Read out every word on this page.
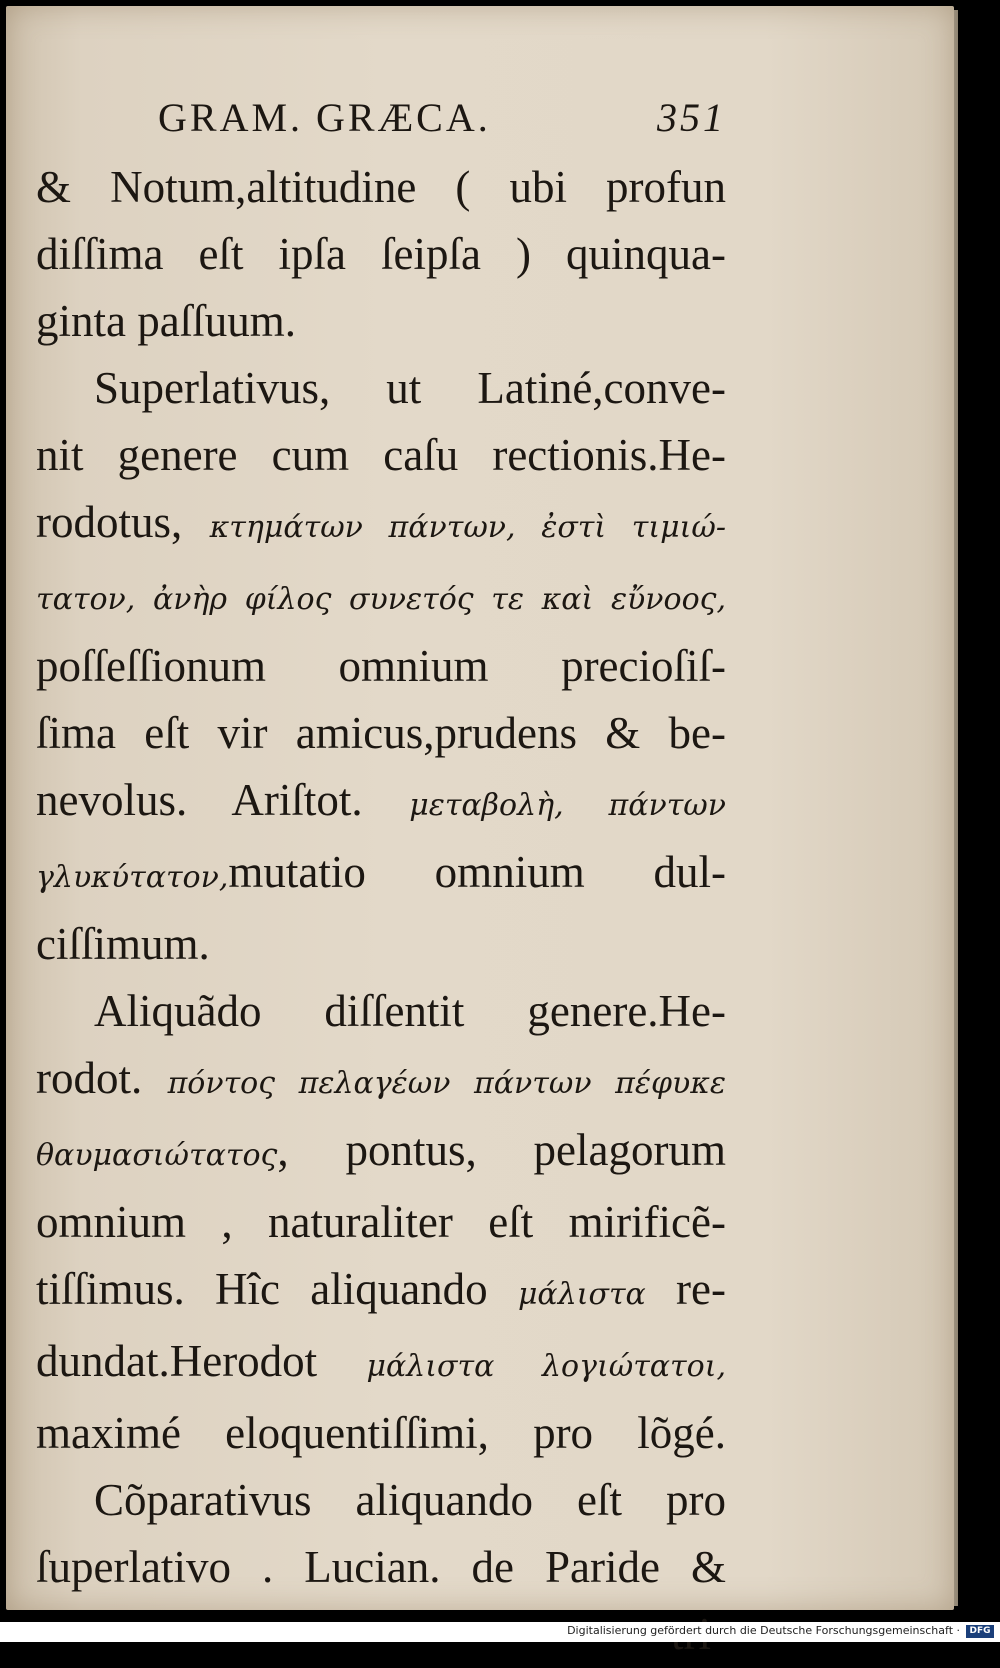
GRAM. GRÆCA.	351
& Notum,altitudine ( ubi profun
diſſima eſt ipſa ſeipſa ) quinqua-
ginta paſſuum.
Superlativus, ut Latiné,conve-
nit genere cum caſu rectionis.He-
rodotus, κτημάτων πάντων, ἐστὶ τιμιώ-
τατον, ἀνὴρ φίλος συνετός τε καὶ εὔνοος,
poſſeſſionum omnium precioſiſ-
ſima eſt vir amicus,prudens & be-
nevolus. Ariſtot. μεταβολὴ, πάντων
γλυκύτατον,mutatio omnium dul-
ciſſimum.
Aliquãdo diſſentit genere.He-
rodot. πόντος πελαγέων πάντων πέφυκε
θαυμασιώτατος, pontus, pelagorum
omnium , naturaliter eſt mirificẽ-
tiſſimus. Hîc aliquando μάλιστα re-
dundat.Herodot μάλιστα λογιώτατοι,
maximé eloquentiſſimi, pro lõgé.
Cõparativus aliquando eſt pro
ſuperlativo . Lucian. de Paride &
Digitalisierung gefördert durch die Deutsche Forschungsgemeinschaft ·	DFG
